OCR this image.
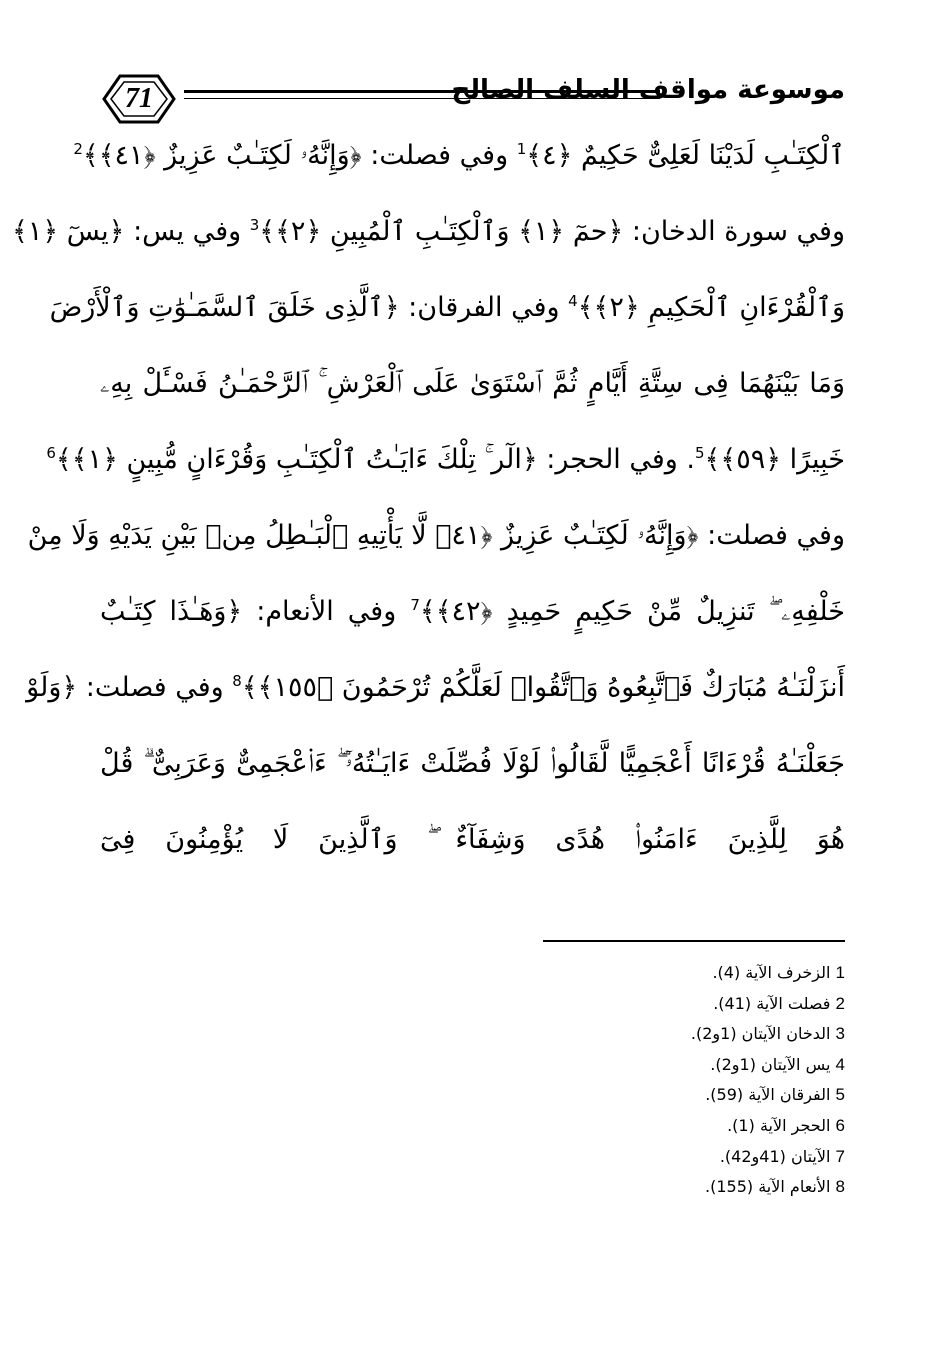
71	موسوعة مواقف السلف الصالح
ٱلْكِتَـٰبِ لَدَيْنَا لَعَلِىٌّ حَكِيمٌ ﴿٤﴾$^1$ وفي فصلت: ﴿وَإِنَّهُۥ لَكِتَـٰبٌ عَزِيزٌ ﴿٤١﴾﴾$^2$
وفي سورة الدخان: ﴿حمٓ ﴿١﴾ وَٱلْكِتَـٰبِ ٱلْمُبِينِ ﴿٢﴾﴾$^3$ وفي يس: ﴿يسٓ ﴿١﴾
وَٱلْقُرْءَانِ ٱلْحَكِيمِ ﴿٢﴾﴾$^4$ وفي الفرقان: ﴿ٱلَّذِى خَلَقَ ٱلسَّمَـٰوَٰتِ وَٱلْأَرْضَ
وَمَا بَيْنَهُمَا فِى سِتَّةِ أَيَّامٍ ثُمَّ ٱسْتَوَىٰ عَلَى ٱلْعَرْشِ ۚ ٱلرَّحْمَـٰنُ فَسْـَٔلْ بِهِۦ
خَبِيرًا ﴿٥٩﴾﴾$^5$. وفي الحجر: ﴿الٓر ۚ تِلْكَ ءَايَـٰتُ ٱلْكِتَـٰبِ وَقُرْءَانٍ مُّبِينٍ ﴿١﴾﴾$^6$
وفي فصلت: ﴿وَإِنَّهُۥ لَكِتَـٰبٌ عَزِيزٌ ﴿٤١﴾ لَّا يَأْتِيهِ ٱلْبَـٰطِلُ مِنۢ بَيْنِ يَدَيْهِ وَلَا مِنْ
خَلْفِهِۦ ۖ تَنزِيلٌ مِّنْ حَكِيمٍ حَمِيدٍ ﴿٤٢﴾﴾$^7$ وفي الأنعام: ﴿وَهَـٰذَا كِتَـٰبٌ
أَنزَلْنَـٰهُ مُبَارَكٌ فَٱتَّبِعُوهُ وَٱتَّقُوا۟ لَعَلَّكُمْ تُرْحَمُونَ ﴿١٥٥﴾﴾$^8$ وفي فصلت: ﴿وَلَوْ
جَعَلْنَـٰهُ قُرْءَانًا أَعْجَمِيًّا لَّقَالُوا۟ لَوْلَا فُصِّلَتْ ءَايَـٰتُهُۥٓ ۖ ءَا۬عْجَمِىٌّ وَعَرَبِىٌّ ۗ قُلْ
هُوَ لِلَّذِينَ ءَامَنُوا۟ هُدًى وَشِفَآءٌ ۖ وَٱلَّذِينَ لَا يُؤْمِنُونَ فِىٓ
1 الزخرف الآية (4).
2 فصلت الآية (41).
3 الدخان الآيتان (1و2).
4 يس الآيتان (1و2).
5 الفرقان الآية (59).
6 الحجر الآية (1).
7 الآيتان (41و42).
8 الأنعام الآية (155).
